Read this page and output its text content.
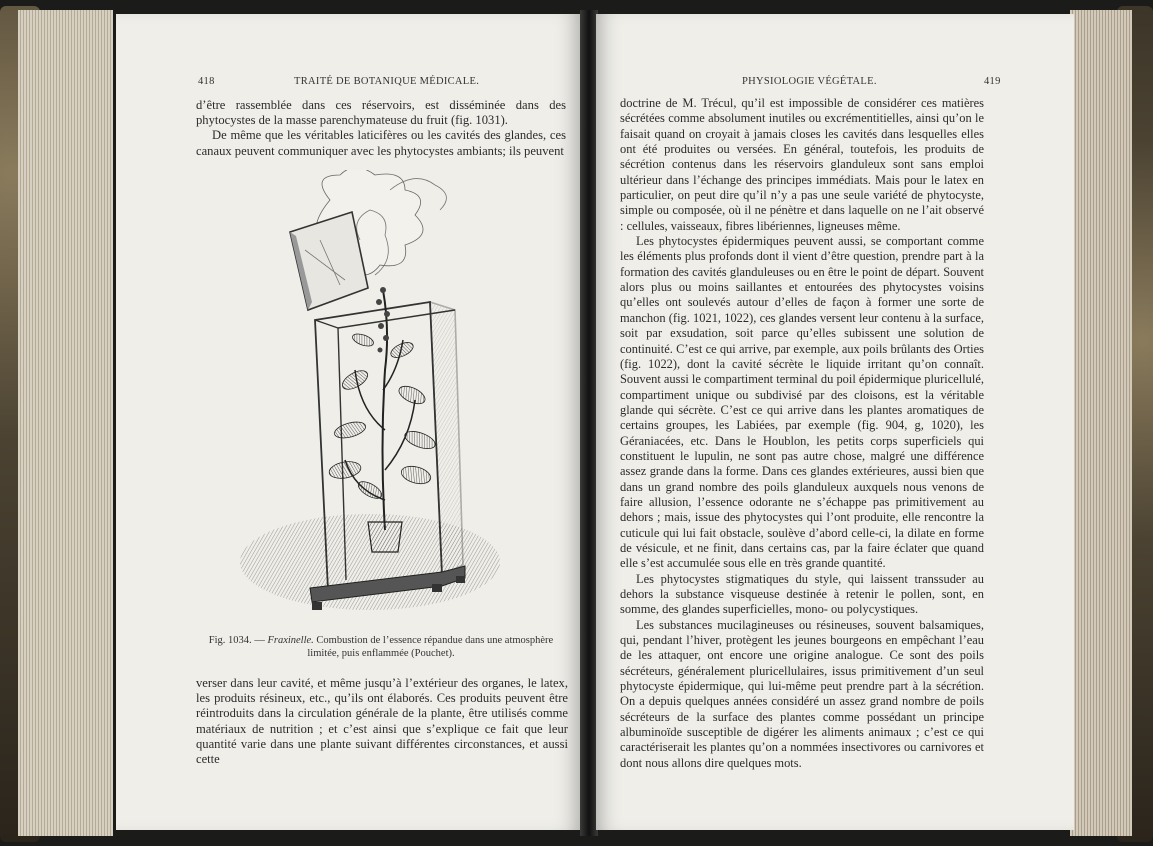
418	TRAITÉ DE BOTANIQUE MÉDICALE.

d’être rassemblée dans ces réservoirs, est disséminée dans des phytocystes de la masse parenchymateuse du fruit (fig. 1031).

De même que les véritables laticifères ou les cavités des glandes, ces canaux peuvent communiquer avec les phytocystes ambiants; ils peuvent

Fig. 1034. — Fraxinelle. Combustion de l’essence répandue dans une atmosphère limitée, puis enflammée (Pouchet).

verser dans leur cavité, et même jusqu’à l’extérieur des organes, le latex, les produits résineux, etc., qu’ils ont élaborés. Ces produits peuvent être réintroduits dans la circulation générale de la plante, être utilisés comme matériaux de nutrition ; et c’est ainsi que s’explique ce fait que leur quantité varie dans une plante suivant différentes circonstances, et aussi cette

PHYSIOLOGIE VÉGÉTALE.	419

doctrine de M. Trécul, qu’il est impossible de considérer ces matières sécrétées comme absolument inutiles ou excrémentitielles, ainsi qu’on le faisait quand on croyait à jamais closes les cavités dans lesquelles elles ont été produites ou versées. En général, toutefois, les produits de sécrétion contenus dans les réservoirs glanduleux sont sans emploi ultérieur dans l’échange des principes immédiats. Mais pour le latex en particulier, on peut dire qu’il n’y a pas une seule variété de phytocyste, simple ou composée, où il ne pénètre et dans laquelle on ne l’ait observé : cellules, vaisseaux, fibres libériennes, ligneuses même.

Les phytocystes épidermiques peuvent aussi, se comportant comme les éléments plus profonds dont il vient d’être question, prendre part à la formation des cavités glanduleuses ou en être le point de départ. Souvent alors plus ou moins saillantes et entourées des phytocystes voisins qu’elles ont soulevés autour d’elles de façon à former une sorte de manchon (fig. 1021, 1022), ces glandes versent leur contenu à la surface, soit par exsudation, soit parce qu’elles subissent une solution de continuité. C’est ce qui arrive, par exemple, aux poils brûlants des Orties (fig. 1022), dont la cavité sécrète le liquide irritant qu’on connaît. Souvent aussi le compartiment terminal du poil épidermique pluricellulé, compartiment unique ou subdivisé par des cloisons, est la véritable glande qui sécrète. C’est ce qui arrive dans les plantes aromatiques de certains groupes, les Labiées, par exemple (fig. 904, g, 1020), les Géraniacées, etc. Dans le Houblon, les petits corps superficiels qui constituent le lupulin, ne sont pas autre chose, malgré une différence assez grande dans la forme. Dans ces glandes extérieures, aussi bien que dans un grand nombre des poils glanduleux auxquels nous venons de faire allusion, l’essence odorante ne s’échappe pas primitivement au dehors ; mais, issue des phytocystes qui l’ont produite, elle rencontre la cuticule qui lui fait obstacle, soulève d’abord celle-ci, la dilate en forme de vésicule, et ne finit, dans certains cas, par la faire éclater que quand elle s’est accumulée sous elle en très grande quantité.

Les phytocystes stigmatiques du style, qui laissent transsuder au dehors la substance visqueuse destinée à retenir le pollen, sont, en somme, des glandes superficielles, mono- ou polycystiques.

Les substances mucilagineuses ou résineuses, souvent balsamiques, qui, pendant l’hiver, protègent les jeunes bourgeons en empêchant l’eau de les attaquer, ont encore une origine analogue. Ce sont des poils sécréteurs, généralement pluricellulaires, issus primitivement d’un seul phytocyste épidermique, qui lui-même peut prendre part à la sécrétion. On a depuis quelques années considéré un assez grand nombre de poils sécréteurs de la surface des plantes comme possédant un principe albuminoïde susceptible de digérer les aliments animaux ; c’est ce qui caractériserait les plantes qu’on a nommées insectivores ou carnivores et dont nous allons dire quelques mots.
